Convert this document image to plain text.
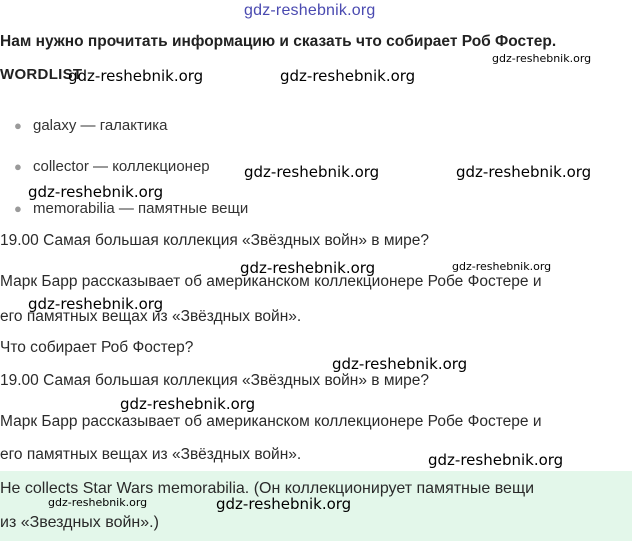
gdz-reshebnik.org
Нам нужно прочитать информацию и сказать что собирает Роб Фостер.
WORDLIST
● galaxy — галактика
● collector — коллекционер
● memorabilia — памятные вещи
19.00 Самая большая коллекция «Звёздных войн» в мире?
Марк Барр рассказывает об американском коллекционере Робе Фостере и
его памятных вещах из «Звёздных войн».
Что собирает Роб Фостер?
19.00 Самая большая коллекция «Звёздных войн» в мире?
Марк Барр рассказывает об американском коллекционере Робе Фостере и
его памятных вещах из «Звёздных войн».
He collects Star Wars memorabilia. (Он коллекционирует памятные вещи
из «Звездных войн».)
gdz-reshebnik.org	gdz-reshebnik.org
gdz-reshebnik.org
gdz-reshebnik.org	gdz-reshebnik.org
gdz-reshebnik.org
gdz-reshebnik.org	gdz-reshebnik.org
gdz-reshebnik.org
gdz-reshebnik.org
gdz-reshebnik.org
gdz-reshebnik.org
gdz-reshebnik.org	gdz-reshebnik.org
